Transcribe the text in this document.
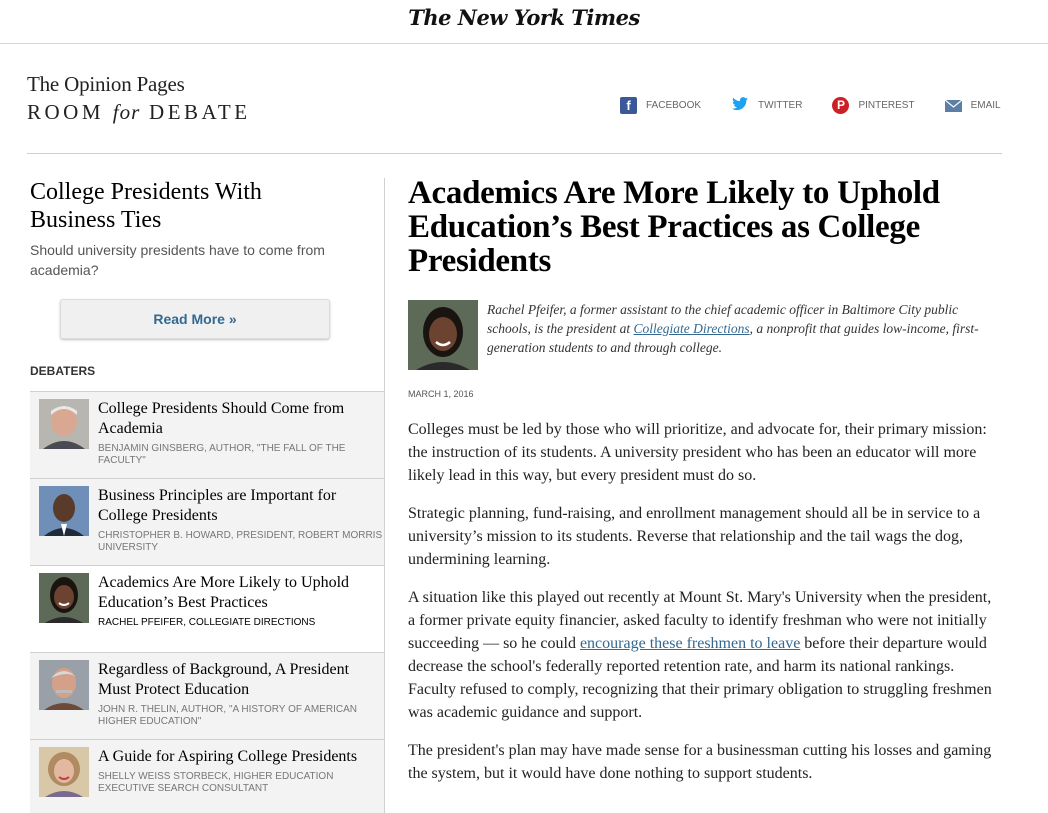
The New York Times
The Opinion Pages
ROOM for DEBATE	f	FACEBOOK	TWITTER	P	PINTEREST	EMAIL
College Presidents With Business Ties
Should university presidents have to come from academia?
Read More »
DEBATERS
College Presidents Should Come from Academia
BENJAMIN GINSBERG, AUTHOR, "THE FALL OF THE FACULTY"
Business Principles are Important for College Presidents
CHRISTOPHER B. HOWARD, PRESIDENT, ROBERT MORRIS UNIVERSITY
Academics Are More Likely to Uphold Education’s Best Practices
RACHEL PFEIFER, COLLEGIATE DIRECTIONS
Regardless of Background, A President Must Protect Education
JOHN R. THELIN, AUTHOR, "A HISTORY OF AMERICAN HIGHER EDUCATION"
A Guide for Aspiring College Presidents
SHELLY WEISS STORBECK, HIGHER EDUCATION EXECUTIVE SEARCH CONSULTANT
Academics Are More Likely to Uphold Education’s Best Practices as College Presidents

Rachel Pfeifer, a former assistant to the chief academic officer in Baltimore City public schools, is the president at Collegiate Directions, a nonprofit that guides low-income, first-generation students to and through college.

MARCH 1, 2016

Colleges must be led by those who will prioritize, and advocate for, their primary mission: the instruction of its students. A university president who has been an educator will more likely lead in this way, but every president must do so.

Strategic planning, fund-raising, and enrollment management should all be in service to a university’s mission to its students. Reverse that relationship and the tail wags the dog, undermining learning.

A situation like this played out recently at Mount St. Mary's University when the president, a former private equity financier, asked faculty to identify freshman who were not initially succeeding — so he could encourage these freshmen to leave before their departure would decrease the school's federally reported retention rate, and harm its national rankings. Faculty refused to comply, recognizing that their primary obligation to struggling freshmen was academic guidance and support.

The president's plan may have made sense for a businessman cutting his losses and gaming the system, but it would have done nothing to support students.
